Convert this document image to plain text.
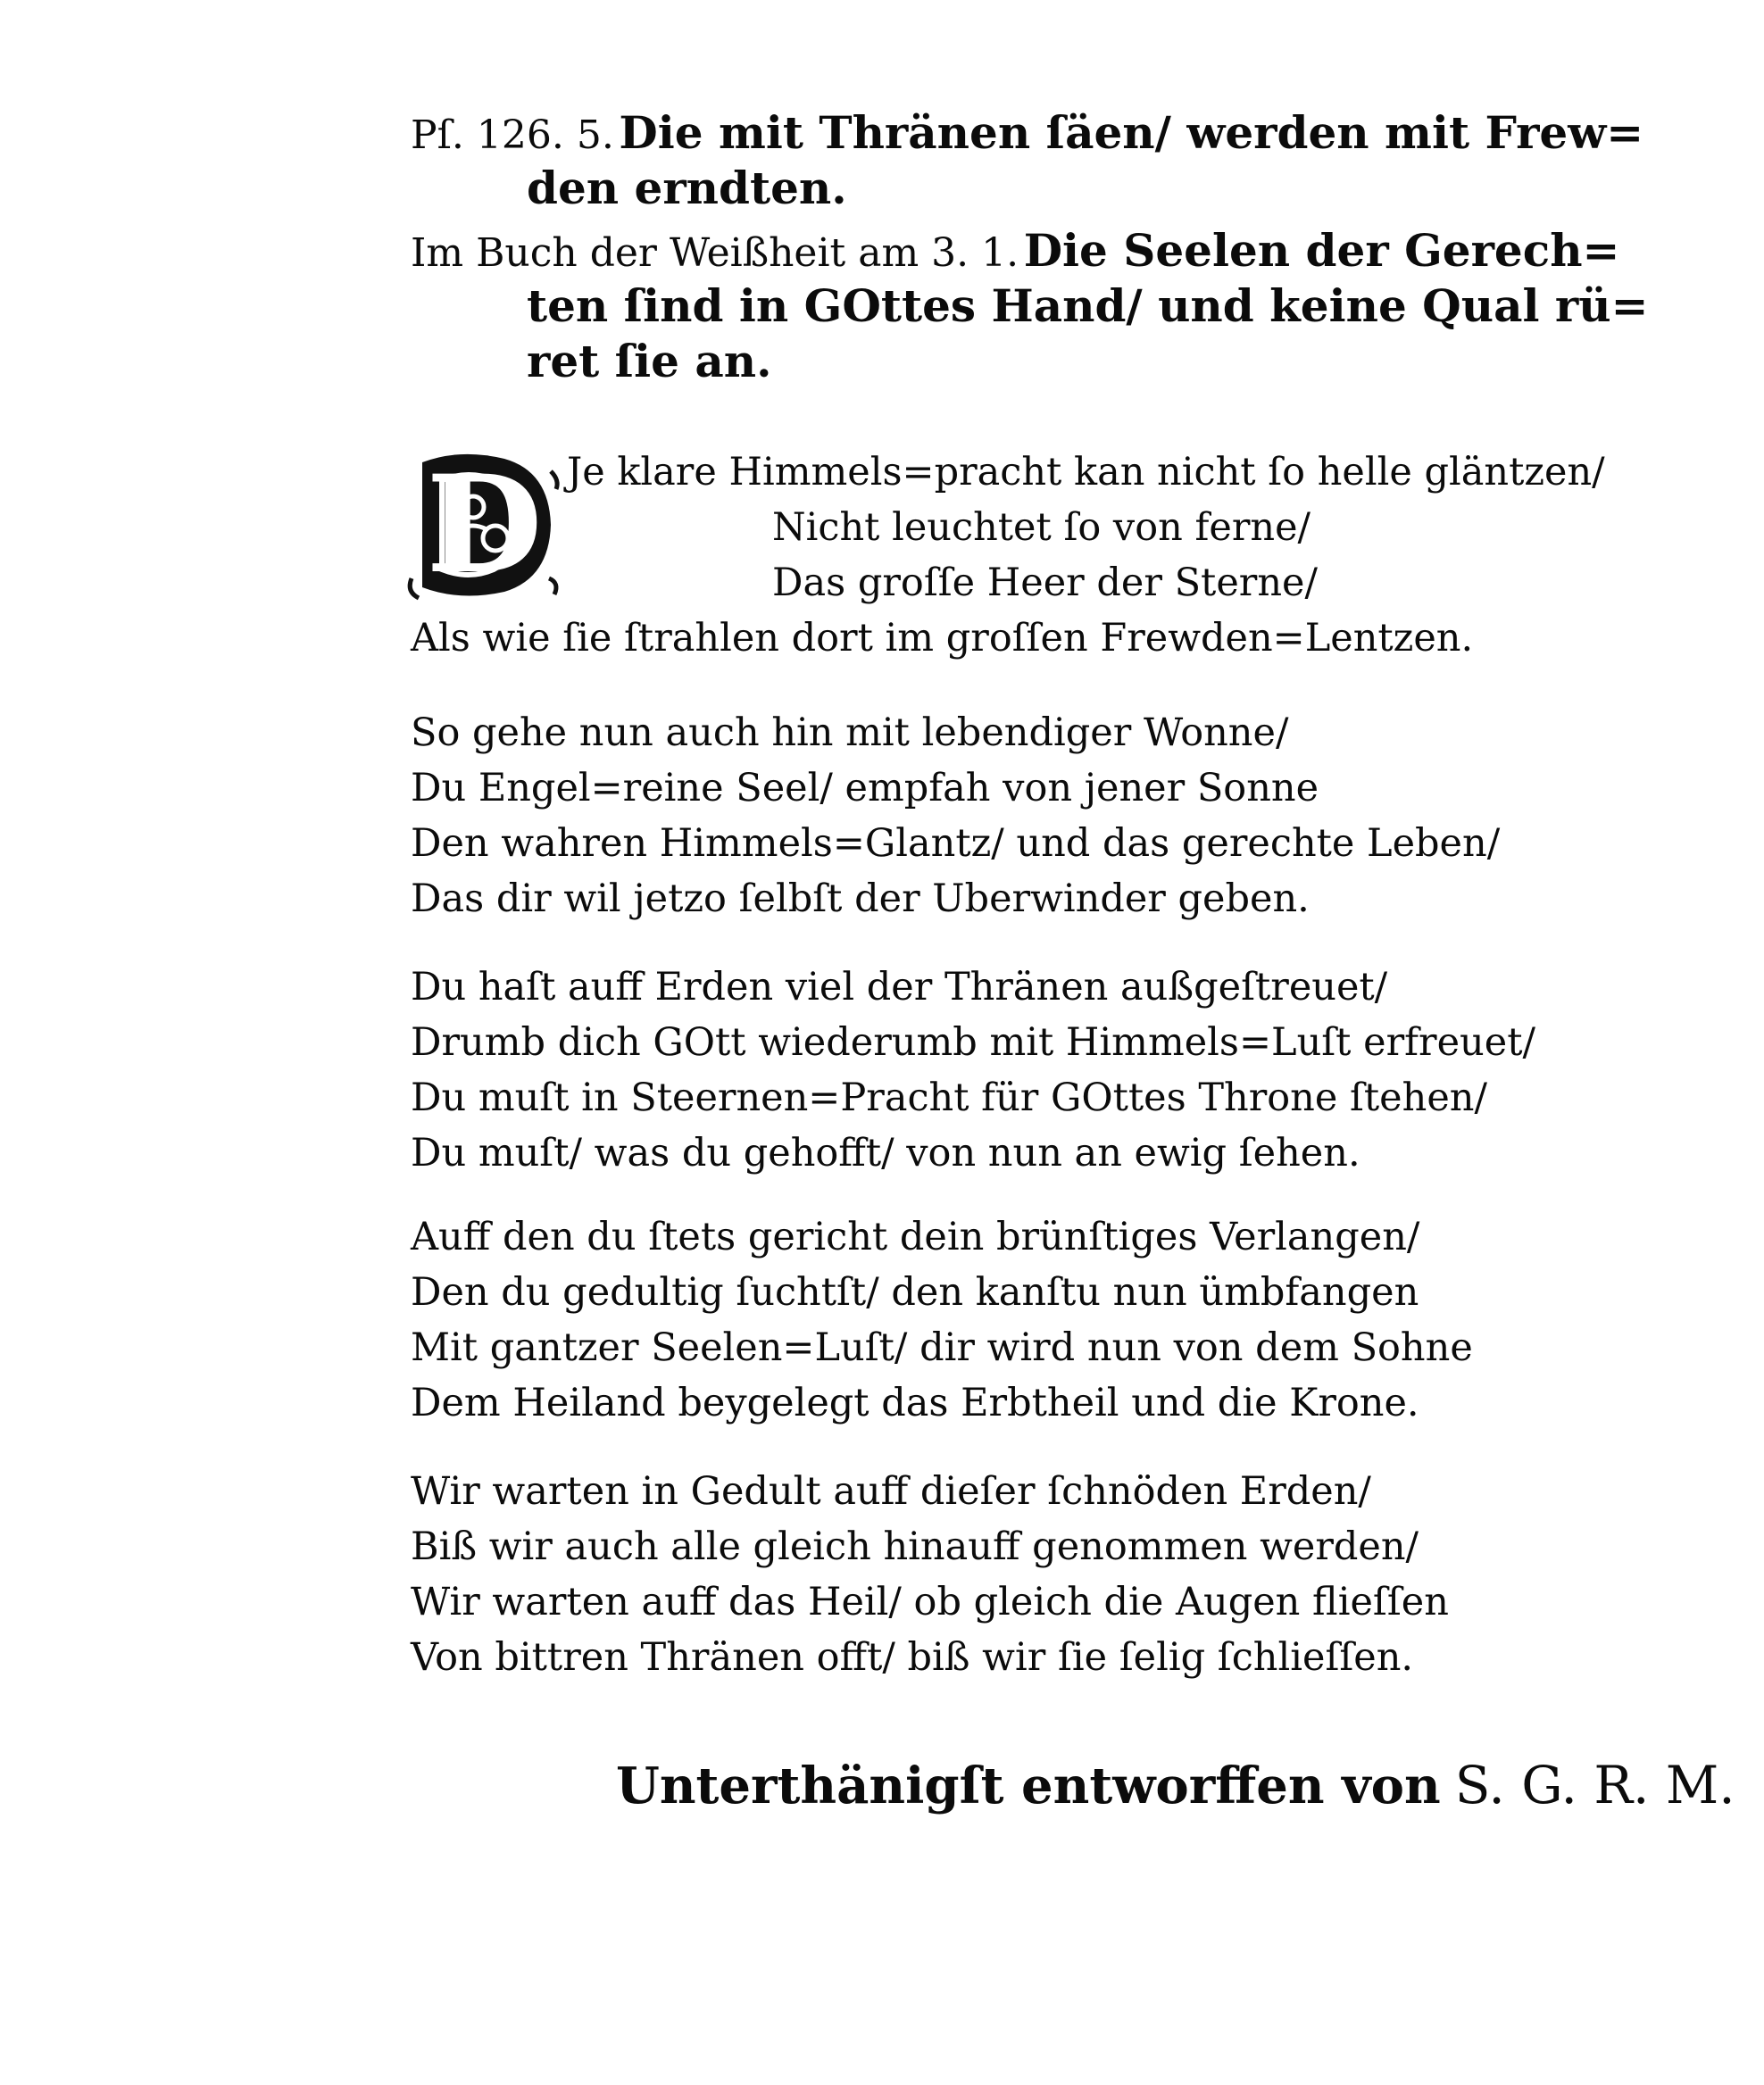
Pſ. 126. 5. Die mit Thränen ſäen/ werden mit Frew=
den erndten.
Im Buch der Weißheit am 3. 1. Die Seelen der Gerech=
ten ſind in GOttes Hand/ und keine Qual rü=
ret ſie an.
D Je klare Himmels=pracht kan nicht ſo helle gläntzen/
Nicht leuchtet ſo von ferne/
Das groſſe Heer der Sterne/
Als wie ſie ſtrahlen dort im groſſen Frewden=Lentzen.
So gehe nun auch hin mit lebendiger Wonne/
Du Engel=reine Seel/ empfah von jener Sonne
Den wahren Himmels=Glantz/ und das gerechte Leben/
Das dir wil jetzo ſelbſt der Uberwinder geben.
Du haſt auff Erden viel der Thränen außgeſtreuet/
Drumb dich GOtt wiederumb mit Himmels=Luſt erfreuet/
Du muſt in Steernen=Pracht für GOttes Throne ſtehen/
Du muſt/ was du gehofft/ von nun an ewig ſehen.
Auff den du ſtets gericht dein brünſtiges Verlangen/
Den du gedultig ſuchtſt/ den kanſtu nun ümbfangen
Mit gantzer Seelen=Luſt/ dir wird nun von dem Sohne
Dem Heiland beygelegt das Erbtheil und die Krone.
Wir warten in Gedult auff dieſer ſchnöden Erden/
Biß wir auch alle gleich hinauff genommen werden/
Wir warten auff das Heil/ ob gleich die Augen flieſſen
Von bittren Thränen offt/ biß wir ſie ſelig ſchlieſſen.
Unterthänigſt entworffen von S. G. R. M.
